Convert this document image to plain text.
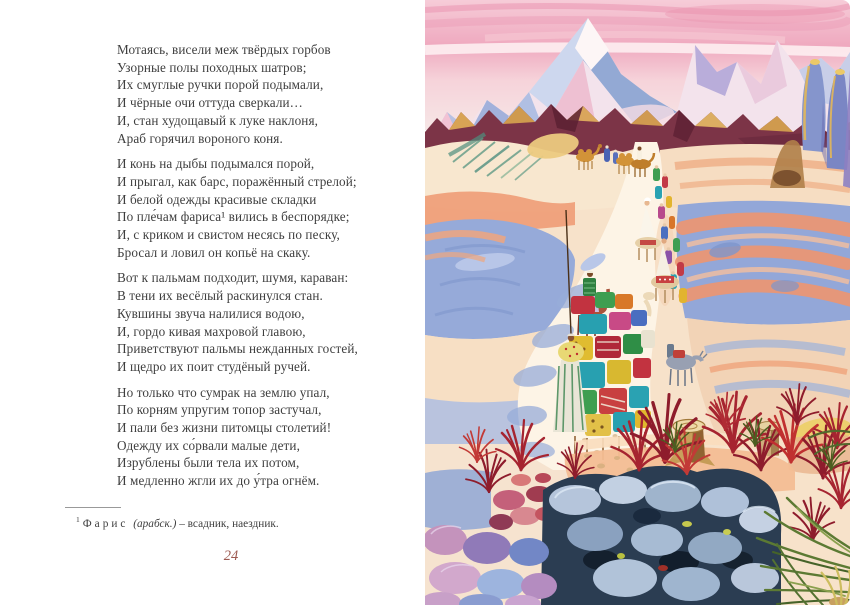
Мотаясь, висели меж твёрдых горбов
Узорные полы походных шатров;
Их смуглые ручки порой подымали,
И чёрные очи оттуда сверкали…
И, стан худощавый к луке наклоня,
Араб горячил вороного коня.
И конь на дыбы подымался порой,
И прыгал, как барс, поражённый стрелой;
И белой одежды красивые складки
По пле́чам фариса¹ вились в беспорядке;
И, с криком и свистом несясь по песку,
Бросал и ловил он копьё на скаку.
Вот к пальмам подходит, шумя, караван:
В тени их весёлый раскинулся стан.
Кувшины звуча налилися водою,
И, гордо кивая махровой главою,
Приветствуют пальмы нежданных гостей,
И щедро их поит студёный ручей.
Но только что сумрак на землю упал,
По корням упругим топор застучал,
И пали без жизни питомцы столетий!
Одежду их со́рвали малые дети,
Изрублены были тела их потом,
И медленно жгли их до у́тра огнём.
$^1$ Фарис (арабск.) – всадник, наездник.
24
